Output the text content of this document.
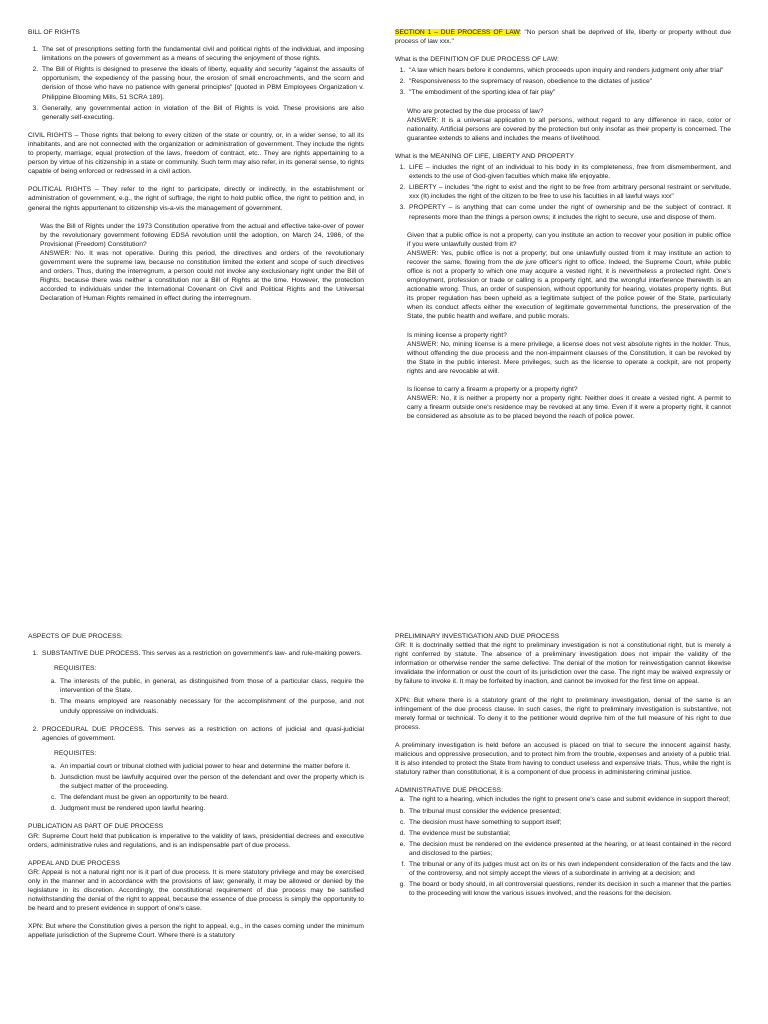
BILL OF RIGHTS

1. The set of prescriptions setting forth the fundamental civil and political rights of the individual, and imposing limitations on the powers of government as a means of securing the enjoyment of those rights.
2. The Bill of Rights is designed to preserve the ideals of liberty, equality and security "against the assaults of opportunism, the expediency of the passing hour, the erosion of small encroachments, and the scorn and derision of those who have no patience with general principles" [quoted in PBM Employees Organization v. Philippine Blooming Mills, 51 SCRA 189].
3. Generally, any governmental action in violation of the Bill of Rights is void. These provisions are also generally self-executing.

CIVIL RIGHTS – Those rights that belong to every citizen of the state or country, or, in a wider sense, to all its inhabitants, and are not connected with the organization or administration of government. They include the rights to property, marriage, equal protection of the laws, freedom of contract, etc.. They are rights appertaining to a person by virtue of his citizenship in a state or community. Such term may also refer, in its general sense, to rights capable of being enforced or redressed in a civil action.

POLITICAL RIGHTS – They refer to the right to participate, directly or indirectly, in the establishment or administration of government, e.g., the right of suffrage, the right to hold public office, the right to petition and, in general the rights appurtenant to citizenship vis-a-vis the management of government.

Was the Bill of Rights under the 1973 Constitution operative from the actual and effective take-over of power by the revolutionary government following EDSA revolution until the adoption, on March 24, 1986, of the Provisional (Freedom) Constitution?

ANSWER: No. It was not operative. During this period, the directives and orders of the revolutionary government were the supreme law, because no constitution limited the extent and scope of such directives and orders. Thus, during the interregnum, a person could not invoke any exclusionary right under the Bill of Rights, because there was neither a constitution nor a Bill of Rights at the time. However, the protection accorded to individuals under the International Covenant on Civil and Political Rights and the Universal Declaration of Human Rights remained in effect during the interregnum.

SECTION 1 – DUE PROCESS OF LAW: "No person shall be deprived of life, liberty or property without due process of law xxx."

What is the DEFINITION OF DUE PROCESS OF LAW:

1. "A law which hears before it condemns, which proceeds upon inquiry and renders judgment only after trial"
2. "Responsiveness to the supremacy of reason, obedience to the dictates of justice"
3. "The embodiment of the sporting idea of fair play"

Who are protected by the due process of law?

ANSWER: It is a universal application to all persons, without regard to any difference in race, color or nationality. Artificial persons are covered by the protection but only insofar as their property is concerned. The guarantee extends to aliens and includes the means of livelihood.

What is the MEANING OF LIFE, LIBERTY AND PROPERTY

1. LIFE – includes the right of an individual to his body in its completeness, free from dismemberment, and extends to the use of God-given faculties which make life enjoyable.
2. LIBERTY – includes "the right to exist and the right to be free from arbitrary personal restraint or servitude, xxx (It) includes the right of the citizen to be free to use his faculties in all lawful ways xxx"
3. PROPERTY – is anything that can come under the right of ownership and be the subject of contract. It represents more than the things a person owns; it includes the right to secure, use and dispose of them.

Given that a public office is not a property, can you institute an action to recover your position in public office if you were unlawfully ousted from it?

ANSWER: Yes, public office is not a property; but one unlawfully ousted from it may institute an action to recover the same, flowing from the de jure officer's right to office. Indeed, the Supreme Court, while public office is not a property to which one may acquire a vested right, it is nevertheless a protected right. One's employment, profession or trade or calling is a property right, and the wrongful interference therewith is an actionable wrong. Thus, an order of suspension, without opportunity for hearing, violates property rights. But its proper regulation has been upheld as a legitimate subject of the police power of the State, particularly when its conduct affects either the execution of legitimate governmental functions, the preservation of the State, the public health and welfare, and public morals.

Is mining license a property right?

ANSWER: No, mining license is a mere privilege, a license does not vest absolute rights in the holder. Thus, without offending the due process and the non-impairment clauses of the Constitution, it can be revoked by the State in the public interest. Mere privileges, such as the license to operate a cockpit, are not property rights and are revocable at will.

Is license to carry a firearm a property or a property right?

ANSWER: No, it is neither a property nor a property right. Neither does it create a vested right. A permit to carry a firearm outside one's residence may be revoked at any time. Even if it were a property right, it cannot be considered as absolute as to be placed beyond the reach of police power.

ASPECTS OF DUE PROCESS:

1. SUBSTANTIVE DUE PROCESS. This serves as a restriction on government's law- and rule-making powers.
REQUISITES:
a. The interests of the public, in general, as distinguished from those of a particular class, require the intervention of the State.
b. The means employed are reasonably necessary for the accomplishment of the purpose, and not unduly oppressive on individuals.
2. PROCEDURAL DUE PROCESS. This serves as a restriction on actions of judicial and quasi-judicial agencies of government.
REQUISITES:
a. An impartial court or tribunal clothed with judicial power to hear and determine the matter before it.
b. Jurisdiction must be lawfully acquired over the person of the defendant and over the property which is the subject matter of the proceeding.
c. The defendant must be given an opportunity to be heard.
d. Judgment must be rendered upon lawful hearing.

PUBLICATION AS PART OF DUE PROCESS

GR: Supreme Court held that publication is imperative to the validity of laws, presidential decrees and executive orders, administrative rules and regulations, and is an indispensable part of due process.

APPEAL AND DUE PROCESS

GR: Appeal is not a natural right nor is it part of due process. It is mere statutory privilege and may be exercised only in the manner and in accordance with the provisions of law; generally, it may be allowed or denied by the legislature in its discretion. Accordingly, the constitutional requirement of due process may be satisfied notwithstanding the denial of the right to appeal, because the essence of due process is simply the opportunity to be heard and to present evidence in support of one's case.

XPN: But where the Constitution gives a person the right to appeal, e.g., in the cases coming under the minimum appellate jurisdiction of the Supreme Court. Where there is a statutory

PRELIMINARY INVESTIGATION AND DUE PROCESS

GR: It is doctrinally settled that the right to preliminary investigation is not a constitutional right, but is merely a right conferred by statute. The absence of a preliminary investigation does not impair the validity of the information or otherwise render the same defective. The denial of the motion for reinvestigation cannot likewise invalidate the information or oust the court of its jurisdiction over the case. The right may be waived expressly or by failure to invoke it. It may be forfeited by inaction, and cannot be invoked for the first time on appeal.

XPN: But where there is a statutory grant of the right to preliminary investigation, denial of the same is an infringement of the due process clause. In such cases, the right to preliminary investigation is substantive, not merely formal or technical. To deny it to the petitioner would deprive him of the full measure of his right to due process.

A preliminary investigation is held before an accused is placed on trial to secure the innocent against hasty, malicious and oppressive prosecution, and to protect him from the trouble, expenses and anxiety of a public trial. It is also intended to protect the State from having to conduct useless and expensive trials. Thus, while the right is statutory rather than constitutional, it is a component of due process in administering criminal justice.

ADMINISTRATIVE DUE PROCESS:

a. The right to a hearing, which includes the right to present one's case and submit evidence in support thereof;
b. The tribunal must consider the evidence presented;
c. The decision must have something to support itself;
d. The evidence must be substantial;
e. The decision must be rendered on the evidence presented at the hearing, or at least contained in the record and disclosed to the parties;
f. The tribunal or any of its judges must act on its or his own independent consideration of the facts and the law of the controversy, and not simply accept the views of a subordinate in arriving at a decision; and
g. The board or body should, in all controversial questions, render its decision in such a manner that the parties to the proceeding will know the various issues involved, and the reasons for the decision.
